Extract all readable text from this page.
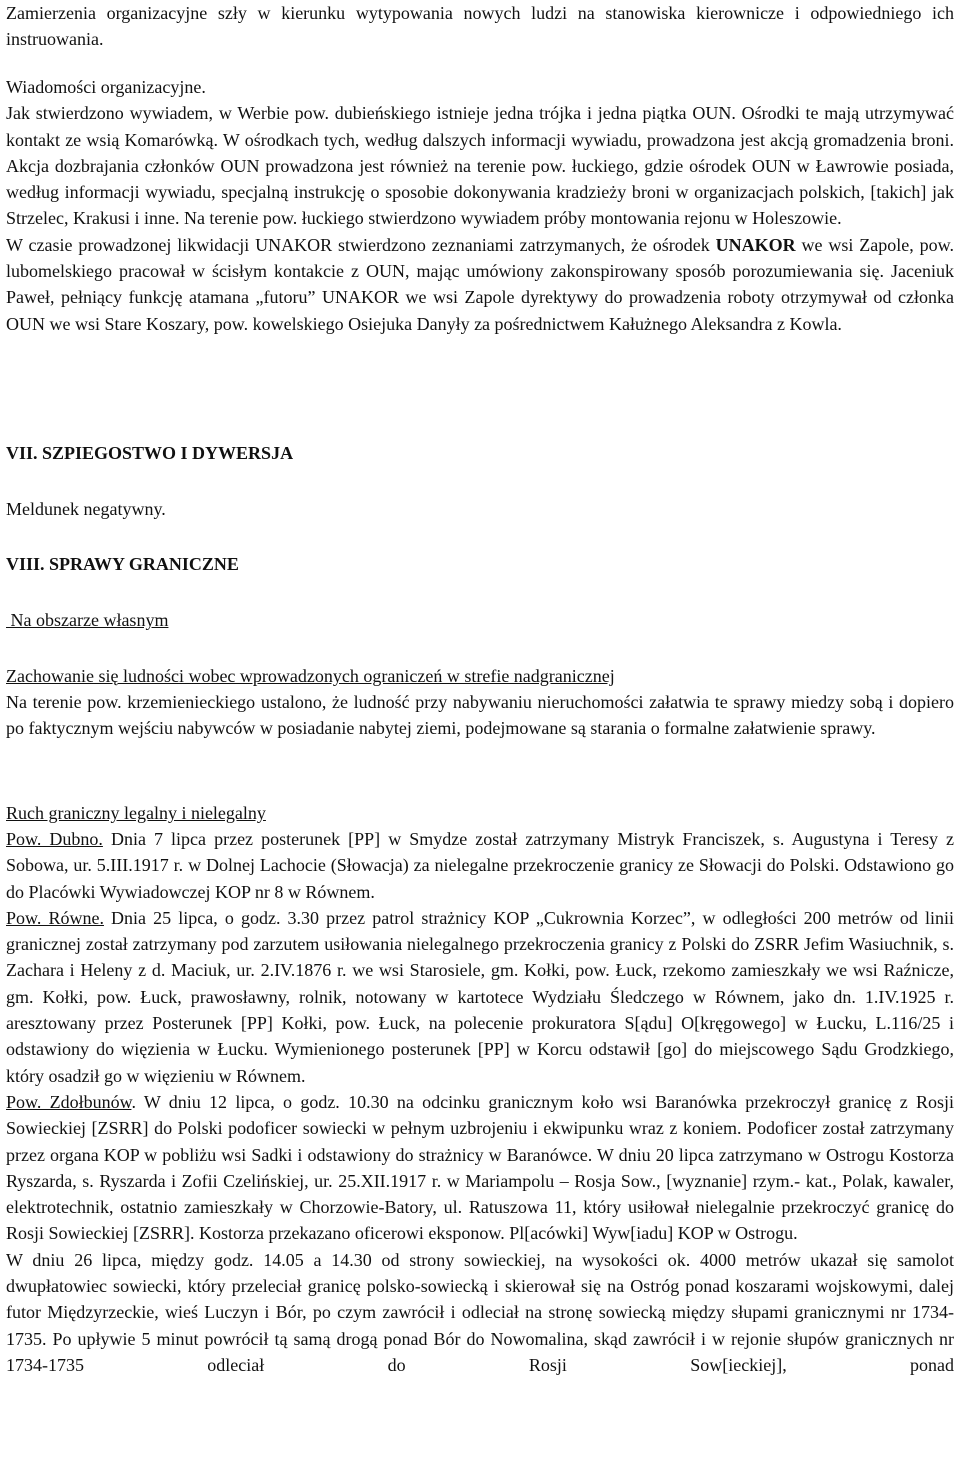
Zamierzenia organizacyjne szły w kierunku wytypowania nowych ludzi na stanowiska kierownicze i odpowiedniego ich instruowania.

Wiadomości organizacyjne.

Jak stwierdzono wywiadem, w Werbie pow. dubieńskiego istnieje jedna trójka i jedna piątka OUN. Ośrodki te mają utrzymywać kontakt ze wsią Komarówką. W ośrodkach tych, według dalszych informacji wywiadu, prowadzona jest akcją gromadzenia broni. Akcja dozbrajania członków OUN prowadzona jest również na terenie pow. łuckiego, gdzie ośrodek OUN w Ławrowie posiada, według informacji wywiadu, specjalną instrukcję o sposobie dokonywania kradzieży broni w organizacjach polskich, [takich] jak Strzelec, Krakusi i inne. Na terenie pow. łuckiego stwierdzono wywiadem próby montowania rejonu w Holeszowie.

W czasie prowadzonej likwidacji UNAKOR stwierdzono zeznaniami zatrzymanych, że ośrodek UNAKOR we wsi Zapole, pow. lubomelskiego pracował w ścisłym kontakcie z OUN, mając umówiony zakonspirowany sposób porozumiewania się. Jaceniuk Paweł, pełniący funkcję atamana „futoru” UNAKOR we wsi Zapole dyrektywy do prowadzenia roboty otrzymywał od członka OUN we wsi Stare Koszary, pow. kowelskiego Osiejuka Danyły za pośrednictwem Kałużnego Aleksandra z Kowla.

VII. SZPIEGOSTWO I DYWERSJA

Meldunek negatywny.

VIII. SPRAWY GRANICZNE

Na obszarze własnym

Zachowanie się ludności wobec wprowadzonych ograniczeń w strefie nadgranicznej

Na terenie pow. krzemienieckiego ustalono, że ludność przy nabywaniu nieruchomości załatwia te sprawy miedzy sobą i dopiero po faktycznym wejściu nabywców w posiadanie nabytej ziemi, podejmowane są starania o formalne załatwienie sprawy.

Ruch graniczny legalny i nielegalny

Pow. Dubno. Dnia 7 lipca przez posterunek [PP] w Smydze został zatrzymany Mistryk Franciszek, s. Augustyna i Teresy z Sobowa, ur. 5.III.1917 r. w Dolnej Lachocie (Słowacja) za nielegalne przekroczenie granicy ze Słowacji do Polski. Odstawiono go do Placówki Wywiadowczej KOP nr 8 w Równem.

Pow. Równe. Dnia 25 lipca, o godz. 3.30 przez patrol strażnicy KOP „Cukrownia Korzec”, w odległości 200 metrów od linii granicznej został zatrzymany pod zarzutem usiłowania nielegalnego przekroczenia granicy z Polski do ZSRR Jefim Wasiuchnik, s. Zachara i Heleny z d. Maciuk, ur. 2.IV.1876 r. we wsi Starosiele, gm. Kołki, pow. Łuck, rzekomo zamieszkały we wsi Raźnicze, gm. Kołki, pow. Łuck, prawosławny, rolnik, notowany w kartotece Wydziału Śledczego w Równem, jako dn. 1.IV.1925 r. aresztowany przez Posterunek [PP] Kołki, pow. Łuck, na polecenie prokuratora S[ądu] O[kręgowego] w Łucku, L.116/25 i odstawiony do więzienia w Łucku. Wymienionego posterunek [PP] w Korcu odstawił [go] do miejscowego Sądu Grodzkiego, który osadził go w więzieniu w Równem.

Pow. Zdołbunów. W dniu 12 lipca, o godz. 10.30 na odcinku granicznym koło wsi Baranówka przekroczył granicę z Rosji Sowieckiej [ZSRR] do Polski podoficer sowiecki w pełnym uzbrojeniu i ekwipunku wraz z koniem. Podoficer został zatrzymany przez organa KOP w pobliżu wsi Sadki i odstawiony do strażnicy w Baranówce. W dniu 20 lipca zatrzymano w Ostrogu Kostorza Ryszarda, s. Ryszarda i Zofii Czelińskiej, ur. 25.XII.1917 r. w Mariampolu – Rosja Sow., [wyznanie] rzym.- kat., Polak, kawaler, elektrotechnik, ostatnio zamieszkały w Chorzowie-Batory, ul. Ratuszowa 11, który usiłował nielegalnie przekroczyć granicę do Rosji Sowieckiej [ZSRR]. Kostorza przekazano oficerowi eksponow. Pl[acówki] Wyw[iadu] KOP w Ostrogu.

W dniu 26 lipca, między godz. 14.05 a 14.30 od strony sowieckiej, na wysokości ok. 4000 metrów ukazał się samolot dwupłatowiec sowiecki, który przeleciał granicę polsko-sowiecką i skierował się na Ostróg ponad koszarami wojskowymi, dalej futor Międzyrzeckie, wieś Luczyn i Bór, po czym zawrócił i odleciał na stronę sowiecką między słupami granicznymi nr 1734-1735. Po upływie 5 minut powrócił tą samą drogą ponad Bór do Nowomalina, skąd zawrócił i w rejonie słupów granicznych nr 1734-1735 odleciał do Rosji Sow[ieckiej], ponad
